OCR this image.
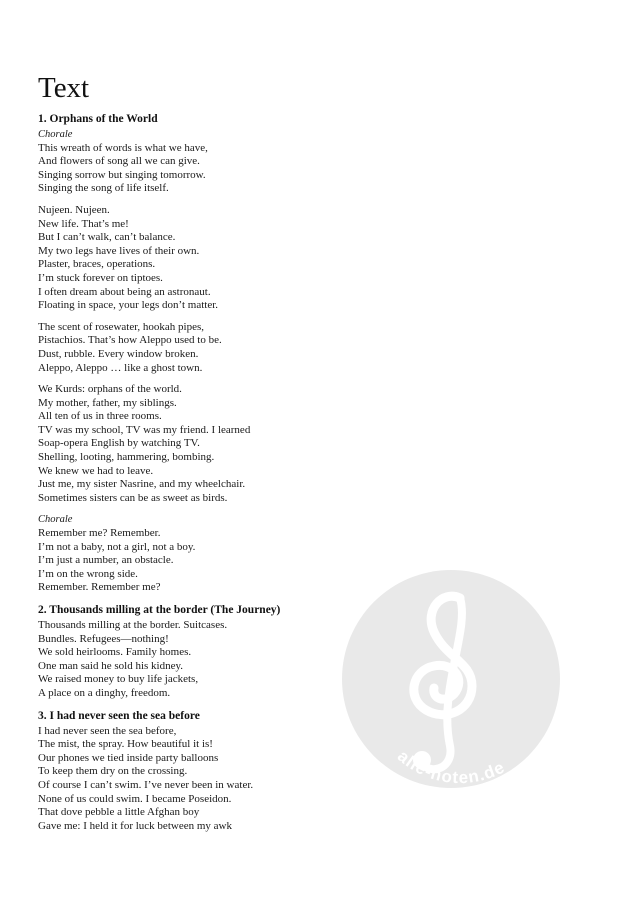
Text
1. Orphans of the World
Chorale
This wreath of words is what we have,
And flowers of song all we can give.
Singing sorrow but singing tomorrow.
Singing the song of life itself.
Nujeen. Nujeen.
New life. That’s me!
But I can’t walk, can’t balance.
My two legs have lives of their own.
Plaster, braces, operations.
I’m stuck forever on tiptoes.
I often dream about being an astronaut.
Floating in space, your legs don’t matter.
The scent of rosewater, hookah pipes,
Pistachios. That’s how Aleppo used to be.
Dust, rubble. Every window broken.
Aleppo, Aleppo … like a ghost town.
We Kurds: orphans of the world.
My mother, father, my siblings.
All ten of us in three rooms.
TV was my school, TV was my friend. I learned
Soap-opera English by watching TV.
Shelling, looting, hammering, bombing.
We knew we had to leave.
Just me, my sister Nasrine, and my wheelchair.
Sometimes sisters can be as sweet as birds.
Chorale
Remember me? Remember.
I’m not a baby, not a girl, not a boy.
I’m just a number, an obstacle.
I’m on the wrong side.
Remember. Remember me?
2. Thousands milling at the border (The Journey)
Thousands milling at the border. Suitcases.
Bundles. Refugees—nothing!
We sold heirlooms. Family homes.
One man said he sold his kidney.
We raised money to buy life jackets,
A place on a dinghy, freedom.
3. I had never seen the sea before
I had never seen the sea before,
The mist, the spray. How beautiful it is!
Our phones we tied inside party balloons
To keep them dry on the crossing.
Of course I can’t swim. I’ve never been in water.
None of us could swim. I became Poseidon.
That dove pebble a little Afghan boy
Gave me: I held it for luck between my awk
alle-noten.de
